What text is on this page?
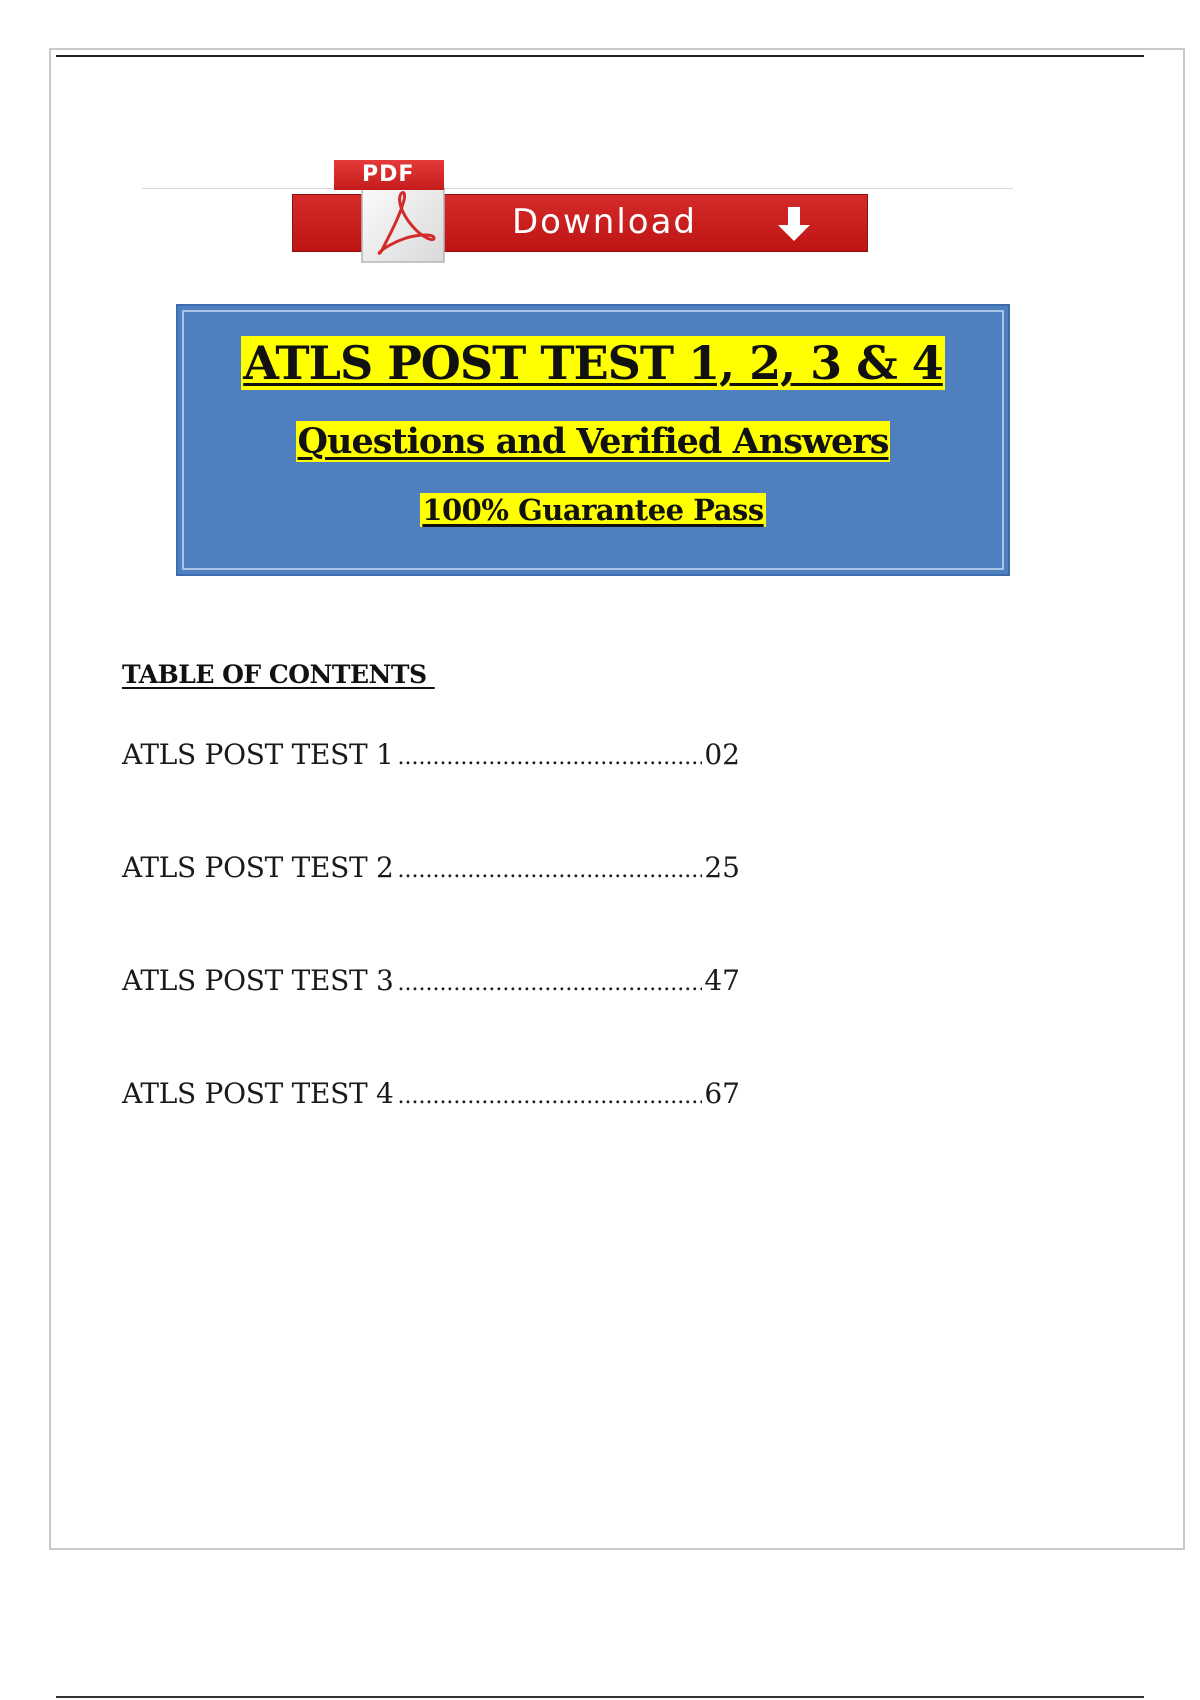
Download
PDF
ATLS POST TEST 1, 2, 3 & 4
Questions and Verified Answers
100% Guarantee Pass
TABLE OF CONTENTS
ATLS POST TEST 1 .....	02
ATLS POST TEST 2 .....	25
ATLS POST TEST 3 .....	47
ATLS POST TEST 4 .....	67
